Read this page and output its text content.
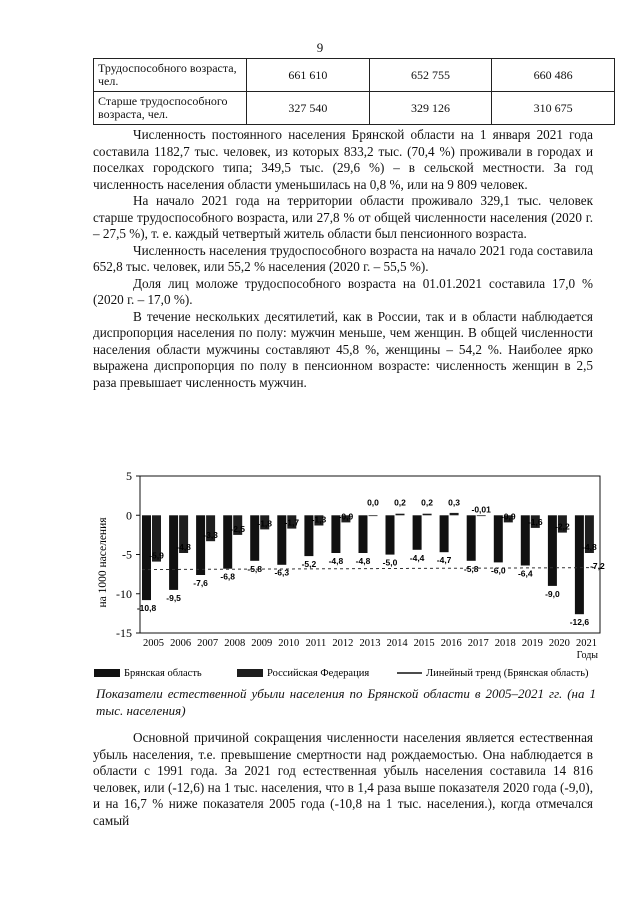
9
Трудоспособного возраста, чел.	661 610	652 755	660 486
Старше трудоспособного возраста, чел.	327 540	329 126	310 675

Численность постоянного населения Брянской области на 1 января 2021 года составила 1182,7 тыс. человек, из которых 833,2 тыс. (70,4 %) проживали в городах и поселках городского типа; 349,5 тыс. (29,6 %) – в сельской местности. За год численность населения области уменьшилась на 0,8 %, или на 9 809 человек.

На начало 2021 года на территории области проживало 329,1 тыс. человек старше трудоспособного возраста, или 27,8 % от общей численности населения (2020 г. – 27,5 %), т. е. каждый четвертый житель области был пенсионного возраста.

Численность населения трудоспособного возраста на начало 2021 года составила 652,8 тыс. человек, или 55,2 % населения (2020 г. – 55,5 %).

Доля лиц моложе трудоспособного возраста на 01.01.2021 составила 17,0 % (2020 г. – 17,0 %).

В течение нескольких десятилетий, как в России, так и в области наблюдается диспропорция населения по полу: мужчин меньше, чем женщин. В общей численности населения области мужчины составляют 45,8 %, женщины – 54,2 %. Наиболее ярко выражена диспропорция по полу в пенсионном возрасте: численность женщин в 2,5 раза превышает численность мужчин.

5
0
-5
-10
-15
на 1000 населения
-10,8
-9,5
-7,6
-6,8
-5,8 -6,3
-5,2 -4,8 -4,8 -5,0 -4,4 -4,7
-5,8 -6,0 -6,4
-9,0
-12,6
-5,9
-4,8
-3,3
-2,5
-1,8 -1,7 -1,3 -0,9
0,0 0,2 0,2 0,3
-0,01
-0,9
-1,6 -2,2
-4,8
-7,2
2005 2006 2007 2008 2009 2010 2011 2012 2013 2014 2015 2016 2017 2018 2019 2020 2021
Годы
Брянская область	Российская Федерация	Линейный тренд (Брянская область)
Показатели естественной убыли населения по Брянской области в 2005–2021 гг. (на 1 тыс. населения)

Основной причиной сокращения численности населения является естественная убыль населения, т.е. превышение смертности над рождаемостью. Она наблюдается в области с 1991 года. За 2021 год естественная убыль населения составила 14 816 человек, или (-12,6) на 1 тыс. населения, что в 1,4 раза выше показателя 2020 года (-9,0), и на 16,7 % ниже показателя 2005 года (-10,8 на 1 тыс. населения.), когда отмечался самый
